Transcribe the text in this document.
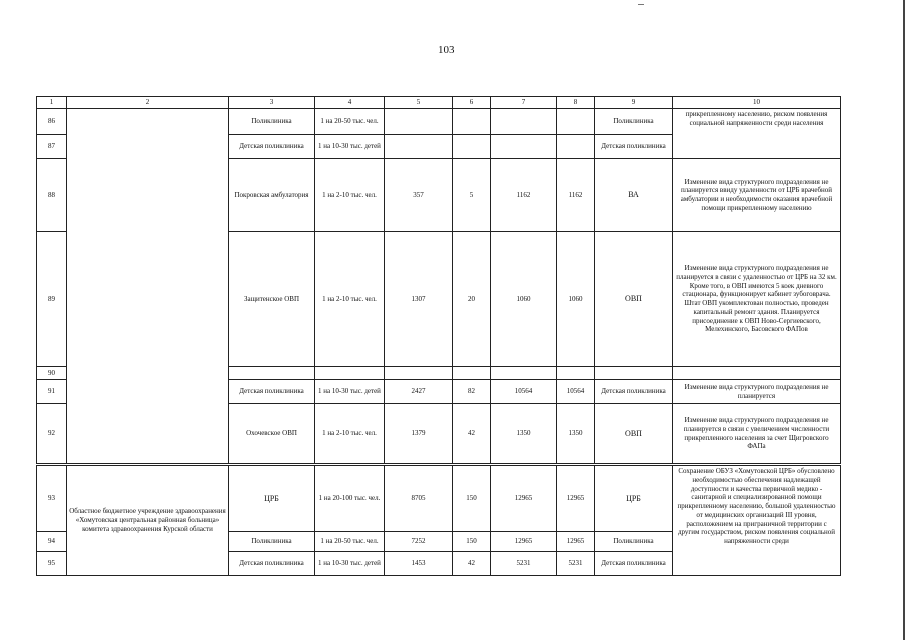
103
1	2	3	4	5	6	7	8	9	10
86		Поликлиника	1 на 20-50 тыс. чел.					Поликлиника	прикрепленному населению, риском появления социальной напряженности среди населения
87		Детская поликлиника	1 на 10-30 тыс. детей					Детская поликлиника	
88		Покровская амбулатория	1 на 2-10 тыс. чел.	357	5	1162	1162	ВА	Изменение вида структурного подразделения не планируется ввиду удаленности от ЦРБ врачебной амбулатории и необходимости оказания врачебной помощи прикрепленному населению
89		Защитенское ОВП	1 на 2-10 тыс. чел.	1307	20	1060	1060	ОВП	Изменение вида структурного подразделения не планируется в связи с удаленностью от ЦРБ на 32 км. Кроме того, в ОВП имеются 5 коек дневного стационара, функционирует кабинет зубоговрача. Штат ОВП укомплектован полностью, проведен капитальный ремонт здания. Планируется присоединение к ОВП Ново-Сергиевского, Мелехинского, Басовского ФАПов
90									
91		Детская поликлиника	1 на 10-30 тыс. детей	2427	82	10564	10564	Детская поликлиника	Изменение вида структурного подразделения не планируется
92		Охочевское ОВП	1 на 2-10 тыс. чел.	1379	42	1350	1350	ОВП	Изменение вида структурного подразделения не планируется в связи с увеличением численности прикрепленного населения за счет Щигровского ФАПа
93	Областное бюджетное учреждение здравоохранения «Хомутовская центральная районная больница» комитета здравоохранения Курской области	ЦРБ	1 на 20-100 тыс. чел.	8705	150	12965	12965	ЦРБ	Сохранение ОБУЗ «Хомутовской ЦРБ» обусловлено необходимостью обеспечения надлежащей доступности и качества первичной медико - санитарной и специализированной помощи прикрепленному населению, большой удаленностью от медицинских организаций III уровня, расположением на приграничной территории с другим государством, риском появления социальной напряженности среди
94		Поликлиника	1 на 20-50 тыс. чел.	7252	150	12965	12965	Поликлиника	
95		Детская поликлиника	1 на 10-30 тыс. детей	1453	42	5231	5231	Детская поликлиника	
